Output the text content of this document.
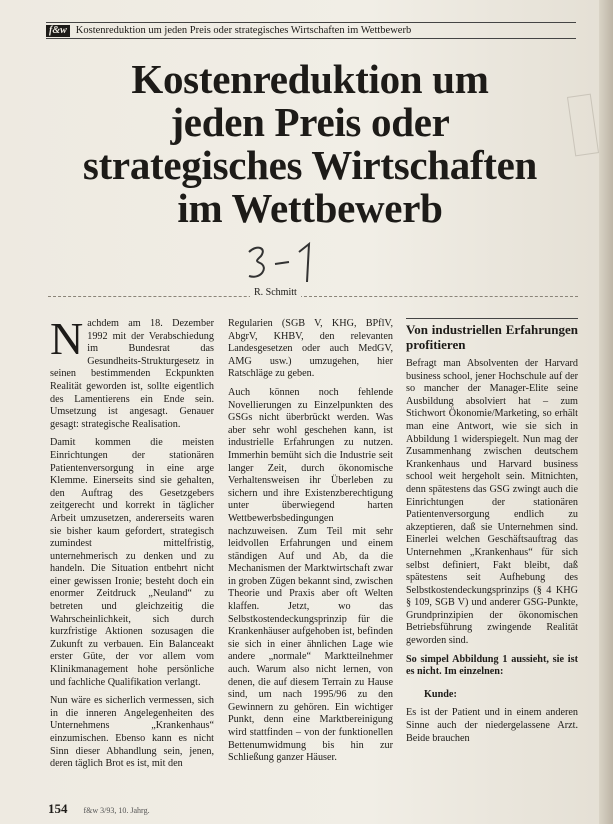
f&w Kostenreduktion um jeden Preis oder strategisches Wirtschaften im Wettbewerb
Kostenreduktion um
jeden Preis oder
strategisches Wirtschaften
im Wettbewerb
R. Schmitt

N achdem am 18. Dezember 1992 mit der Verabschiedung im Bundesrat das Gesundheits-Strukturgesetz in seinen bestimmenden Eckpunkten Realität geworden ist, sollte eigentlich des Lamentierens ein Ende sein. Umsetzung ist angesagt. Genauer gesagt: strategische Realisation.

Damit kommen die meisten Einrichtungen der stationären Patientenversorgung in eine arge Klemme. Einerseits sind sie gehalten, den Auftrag des Gesetzgebers zeitgerecht und korrekt in täglicher Arbeit umzusetzen, andererseits waren sie bisher kaum gefordert, strategisch zumindest mittelfristig, unternehmerisch zu denken und zu handeln. Die Situation entbehrt nicht einer gewissen Ironie; besteht doch ein enormer Zeitdruck „Neuland“ zu betreten und gleichzeitig die Wahrscheinlichkeit, sich durch kurzfristige Aktionen sozusagen die Zukunft zu verbauen. Ein Balanceakt erster Güte, der vor allem vom Klinikmanagement hohe persönliche und fachliche Qualifikation verlangt.

Nun wäre es sicherlich vermessen, sich in die inneren Angelegenheiten des Unternehmens „Krankenhaus“ einzumischen. Ebenso kann es nicht Sinn dieser Abhandlung sein, jenen, deren täglich Brot es ist, mit den

Regularien (SGB V, KHG, BPflV, AbgrV, KHBV, den relevanten Landesgesetzen oder auch MedGV, AMG usw.) umzugehen, hier Ratschläge zu geben.

Auch können noch fehlende Novellierungen zu Einzelpunkten des GSGs nicht überbrückt werden. Was aber sehr wohl geschehen kann, ist industrielle Erfahrungen zu nutzen. Immerhin bemüht sich die Industrie seit langer Zeit, durch ökonomische Verhaltensweisen ihr Überleben zu sichern und ihre Existenzberechtigung unter überwiegend harten Wettbewerbsbedingungen nachzuweisen. Zum Teil mit sehr leidvollen Erfahrungen und einem ständigen Auf und Ab, da die Mechanismen der Marktwirtschaft zwar in groben Zügen bekannt sind, zwischen Theorie und Praxis aber oft Welten klaffen. Jetzt, wo das Selbstkostendeckungsprinzip für die Krankenhäuser aufgehoben ist, befinden sie sich in einer ähnlichen Lage wie andere „normale“ Marktteilnehmer auch. Warum also nicht lernen, von denen, die auf diesem Terrain zu Hause sind, um nach 1995/96 zu den Gewinnern zu gehören. Ein wichtiger Punkt, denn eine Marktbereinigung wird stattfinden – von der funktionellen Bettenumwidmung bis hin zur Schließung ganzer Häuser.

Von industriellen Erfahrungen profitieren

Befragt man Absolventen der Harvard business school, jener Hochschule auf der so mancher der Manager-Elite seine Ausbildung absolviert hat – zum Stichwort Ökonomie/Marketing, so erhält man eine Antwort, wie sie sich in Abbildung 1 widerspiegelt. Nun mag der Zusammenhang zwischen deutschem Krankenhaus und Harvard business school weit hergeholt sein. Mitnichten, denn spätestens das GSG zwingt auch die Einrichtungen der stationären Patientenversorgung endlich zu akzeptieren, daß sie Unternehmen sind. Einerlei welchen Geschäftsauftrag das Unternehmen „Krankenhaus“ für sich selbst definiert, Fakt bleibt, daß spätestens seit Aufhebung des Selbstkostendeckungsprinzips (§ 4 KHG § 109, SGB V) und anderer GSG-Punkte, Grundprinzipien der ökonomischen Betriebsführung zwingende Realität geworden sind.

So simpel Abbildung 1 aussieht, sie ist es nicht. Im einzelnen:

Kunde:

Es ist der Patient und in einem anderen Sinne auch der niedergelassene Arzt. Beide brauchen

154 f&w 3/93, 10. Jahrg.
